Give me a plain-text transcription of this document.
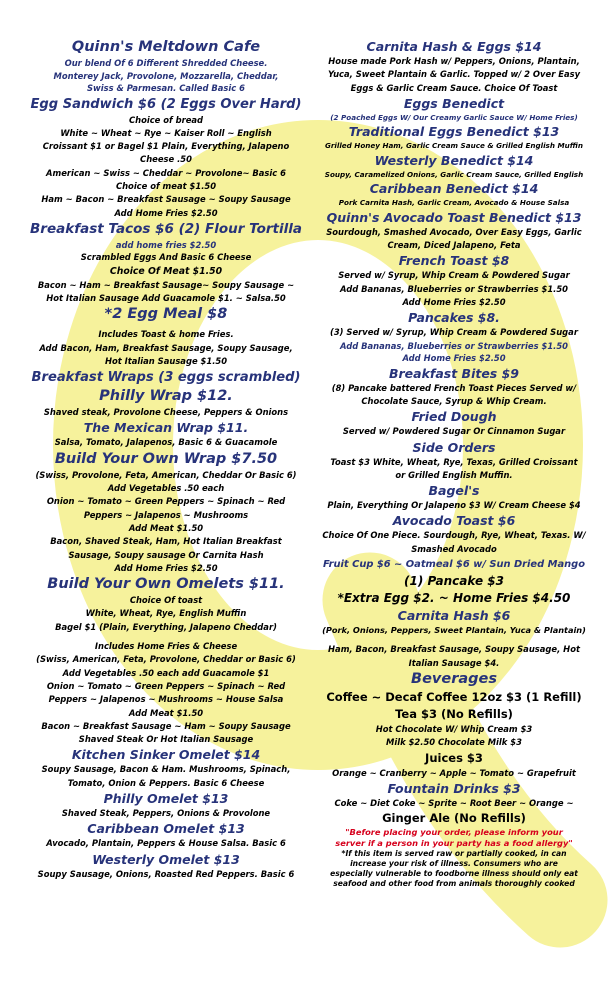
Quinn's Meltdown Cafe
Our blend Of 6 Different Shredded Cheese.
Monterey Jack, Provolone, Mozzarella, Cheddar,
Swiss & Parmesan. Called Basic 6
Egg Sandwich $6 (2 Eggs Over Hard)
Choice of bread
White ~ Wheat ~ Rye ~ Kaiser Roll ~ English
Croissant $1 or Bagel $1 Plain, Everything, Jalapeno
Cheese .50
American ~ Swiss ~ Cheddar ~ Provolone~ Basic 6
Choice of meat $1.50
Ham ~ Bacon ~ Breakfast Sausage ~ Soupy Sausage
Add Home Fries $2.50
Breakfast Tacos $6 (2) Flour Tortilla
add home fries $2.50
Scrambled Eggs And Basic 6 Cheese
Choice Of Meat $1.50
Bacon ~ Ham ~ Breakfast Sausage~ Soupy Sausage ~
Hot Italian Sausage Add Guacamole $1. ~ Salsa.50
*2 Egg Meal $8
Includes Toast & home Fries.
Add Bacon, Ham, Breakfast Sausage, Soupy Sausage,
Hot Italian Sausage $1.50
Breakfast Wraps (3 eggs scrambled)
Philly Wrap $12.
Shaved steak, Provolone Cheese, Peppers & Onions
The Mexican Wrap $11.
Salsa, Tomato, Jalapenos, Basic 6 & Guacamole
Build Your Own Wrap $7.50
(Swiss, Provolone, Feta, American, Cheddar Or Basic 6)
Add Vegetables .50 each
Onion ~ Tomato ~ Green Peppers ~ Spinach ~ Red
Peppers ~ Jalapenos ~ Mushrooms
Add Meat $1.50
Bacon, Shaved Steak, Ham, Hot Italian Breakfast
Sausage, Soupy sausage Or Carnita Hash
Add Home Fries $2.50
Build Your Own Omelets $11.
Choice Of toast
White, Wheat, Rye, English Muffin
Bagel $1 (Plain, Everything, Jalapeno Cheddar)
Includes Home Fries & Cheese
(Swiss, American, Feta, Provolone, Cheddar or Basic 6)
Add Vegetables .50 each add Guacamole $1
Onion ~ Tomato ~ Green Peppers ~ Spinach ~ Red
Peppers ~ Jalapenos ~ Mushrooms ~ House Salsa
Add Meat $1.50
Bacon ~ Breakfast Sausage ~ Ham ~ Soupy Sausage
Shaved Steak Or Hot Italian Sausage
Kitchen Sinker Omelet $14
Soupy Sausage, Bacon & Ham. Mushrooms, Spinach,
Tomato, Onion & Peppers. Basic 6 Cheese
Philly Omelet $13
Shaved Steak, Peppers, Onions & Provolone
Caribbean Omelet $13
Avocado, Plantain, Peppers & House Salsa. Basic 6
Westerly Omelet $13
Soupy Sausage, Onions, Roasted Red Peppers. Basic 6
Carnita Hash & Eggs $14
House made Pork Hash w/ Peppers, Onions, Plantain,
Yuca, Sweet Plantain & Garlic. Topped w/ 2 Over Easy
Eggs & Garlic Cream Sauce. Choice Of Toast
Eggs Benedict
(2 Poached Eggs W/ Our Creamy Garlic Sauce W/ Home Fries)
Traditional Eggs Benedict $13
Grilled Honey Ham, Garlic Cream Sauce & Grilled English Muffin
Westerly Benedict $14
Soupy, Caramelized Onions, Garlic Cream Sauce, Grilled English
Caribbean Benedict $14
Pork Carnita Hash, Garlic Cream, Avocado & House Salsa
Quinn's Avocado Toast Benedict $13
Sourdough, Smashed Avocado, Over Easy Eggs, Garlic
Cream, Diced Jalapeno, Feta
French Toast $8
Served w/ Syrup, Whip Cream & Powdered Sugar
Add Bananas, Blueberries or Strawberries $1.50
Add Home Fries $2.50
Pancakes $8.
(3) Served w/ Syrup, Whip Cream & Powdered Sugar
Add Bananas, Blueberries or Strawberries $1.50
Add Home Fries $2.50
Breakfast Bites $9
(8) Pancake battered French Toast Pieces Served w/
Chocolate Sauce, Syrup & Whip Cream.
Fried Dough
Served w/ Powdered Sugar Or Cinnamon Sugar
Side Orders
Toast $3 White, Wheat, Rye, Texas, Grilled Croissant
or Grilled English Muffin.
Bagel's
Plain, Everything Or Jalapeno $3 W/ Cream Cheese $4
Avocado Toast $6
Choice Of One Piece. Sourdough, Rye, Wheat, Texas. W/
Smashed Avocado
Fruit Cup $6 ~ Oatmeal $6 w/ Sun Dried Mango
(1) Pancake $3
*Extra Egg $2. ~ Home Fries $4.50
Carnita Hash $6
(Pork, Onions, Peppers, Sweet Plantain, Yuca & Plantain)
Ham, Bacon, Breakfast Sausage, Soupy Sausage, Hot
Italian Sausage $4.
Beverages
Coffee ~ Decaf Coffee 12oz $3 (1 Refill)
Tea $3 (No Refills)
Hot Chocolate W/ Whip Cream $3
Milk $2.50 Chocolate Milk $3
Juices $3
Orange ~ Cranberry ~ Apple ~ Tomato ~ Grapefruit
Fountain Drinks $3
Coke ~ Diet Coke ~ Sprite ~ Root Beer ~ Orange ~
Ginger Ale (No Refills)
"Before placing your order, please inform your
server if a person in your party has a food allergy"
*If this item is served raw or partially cooked, in can
increase your risk of illness. Consumers who are
especially vulnerable to foodborne illness should only eat
seafood and other food from animals thoroughly cooked
